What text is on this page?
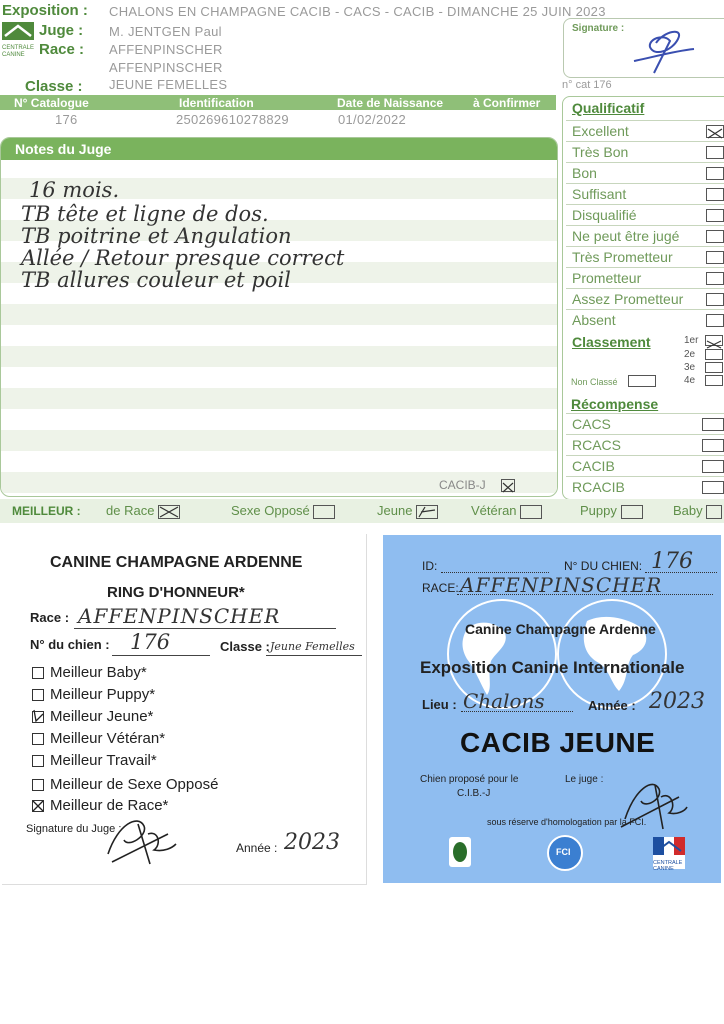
Exposition : CHALONS EN CHAMPAGNE CACIB - CACS - CACIB - DIMANCHE 25 JUIN 2023
CENTRALE CANINE
Juge : M. JENTGEN Paul
Race : AFFENPINSCHER
AFFENPINSCHER
Classe : JEUNE FEMELLES
Signature :
n° cat 176
N° Catalogue	Identification	Date de Naissance à Confirmer
176	250269610278829	01/02/2022
Notes du Juge
16 mois.
TB tête et ligne de dos.
TB poitrine et Angulation
Allée / Retour presque correct
TB allures couleur et poil
CACIB-J
Qualificatif
Excellent
Très Bon
Bon
Suffisant
Disqualifié
Ne peut être jugé
Très Prometteur
Prometteur
Assez Prometteur
Absent
Classement	1er
2e
3e
4e
Non Classé
Récompense
CACS
RCACS
CACIB
RCACIB
MEILLEUR : de Race	Sexe Opposé	Jeune	Vétéran	Puppy	Baby
CANINE CHAMPAGNE ARDENNE
RING D'HONNEUR*
Race : AFFENPINSCHER
N° du chien : 176	Classe : Jeune Femelles
Meilleur Baby*
Meilleur Puppy*
Meilleur Jeune*
Meilleur Vétéran*
Meilleur Travail*
Meilleur de Sexe Opposé
Meilleur de Race*
Signature du Juge :
Année : 2023
ID:	N° DU CHIEN: 176
RACE: AFFENPINSCHER
Canine Champagne Ardenne
Exposition Canine Internationale
Lieu : Chalons	Année : 2023
CACIB JEUNE
Chien proposé pour le
C.I.B.-J
Le juge :
sous réserve d'homologation par la FCI.
FCI
CENTRALE CANINE
